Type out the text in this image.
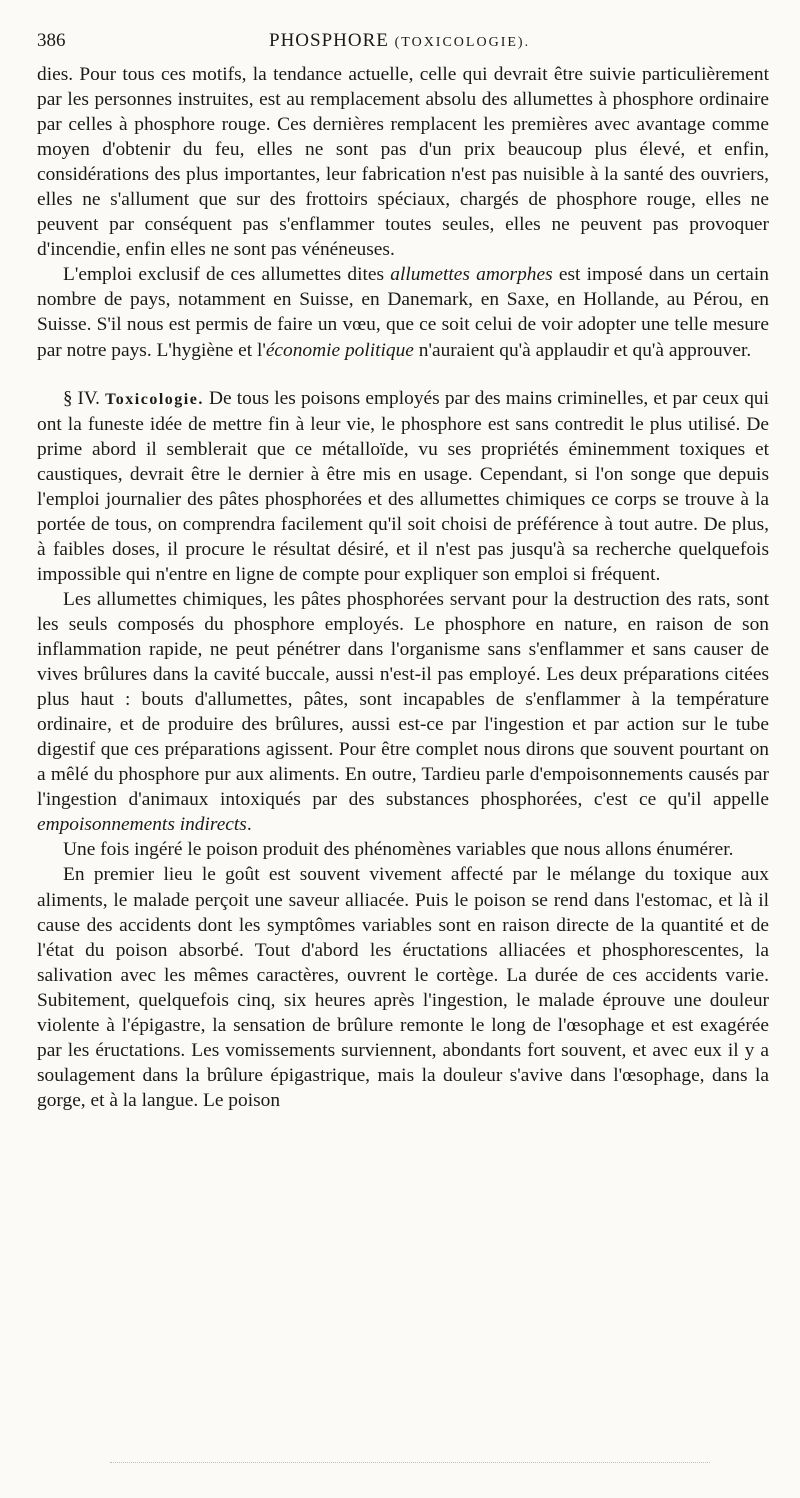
386	PHOSPHORE (TOXICOLOGIE).

dies. Pour tous ces motifs, la tendance actuelle, celle qui devrait être suivie particulièrement par les personnes instruites, est au remplacement absolu des allumettes à phosphore ordinaire par celles à phosphore rouge. Ces dernières remplacent les premières avec avantage comme moyen d'obtenir du feu, elles ne sont pas d'un prix beaucoup plus élevé, et enfin, considérations des plus importantes, leur fabrication n'est pas nuisible à la santé des ouvriers, elles ne s'allument que sur des frottoirs spéciaux, chargés de phosphore rouge, elles ne peuvent par conséquent pas s'enflammer toutes seules, elles ne peuvent pas provoquer d'incendie, enfin elles ne sont pas vénéneuses.

L'emploi exclusif de ces allumettes dites allumettes amorphes est imposé dans un certain nombre de pays, notamment en Suisse, en Danemark, en Saxe, en Hollande, au Pérou, en Suisse. S'il nous est permis de faire un vœu, que ce soit celui de voir adopter une telle mesure par notre pays. L'hygiène et l'économie politique n'auraient qu'à applaudir et qu'à approuver.

§ IV. Toxicologie. De tous les poisons employés par des mains criminelles, et par ceux qui ont la funeste idée de mettre fin à leur vie, le phosphore est sans contredit le plus utilisé. De prime abord il semblerait que ce métalloïde, vu ses propriétés éminemment toxiques et caustiques, devrait être le dernier à être mis en usage. Cependant, si l'on songe que depuis l'emploi journalier des pâtes phosphorées et des allumettes chimiques ce corps se trouve à la portée de tous, on comprendra facilement qu'il soit choisi de préférence à tout autre. De plus, à faibles doses, il procure le résultat désiré, et il n'est pas jusqu'à sa recherche quelquefois impossible qui n'entre en ligne de compte pour expliquer son emploi si fréquent.

Les allumettes chimiques, les pâtes phosphorées servant pour la destruction des rats, sont les seuls composés du phosphore employés. Le phosphore en nature, en raison de son inflammation rapide, ne peut pénétrer dans l'organisme sans s'enflammer et sans causer de vives brûlures dans la cavité buccale, aussi n'est-il pas employé. Les deux préparations citées plus haut : bouts d'allumettes, pâtes, sont incapables de s'enflammer à la température ordinaire, et de produire des brûlures, aussi est-ce par l'ingestion et par action sur le tube digestif que ces préparations agissent. Pour être complet nous dirons que souvent pourtant on a mêlé du phosphore pur aux aliments. En outre, Tardieu parle d'empoisonnements causés par l'ingestion d'animaux intoxiqués par des substances phosphorées, c'est ce qu'il appelle empoisonnements indirects.

Une fois ingéré le poison produit des phénomènes variables que nous allons énumérer.

En premier lieu le goût est souvent vivement affecté par le mélange du toxique aux aliments, le malade perçoit une saveur alliacée. Puis le poison se rend dans l'estomac, et là il cause des accidents dont les symptômes variables sont en raison directe de la quantité et de l'état du poison absorbé. Tout d'abord les éructations alliacées et phosphorescentes, la salivation avec les mêmes caractères, ouvrent le cortège. La durée de ces accidents varie. Subitement, quelquefois cinq, six heures après l'ingestion, le malade éprouve une douleur violente à l'épigastre, la sensation de brûlure remonte le long de l'œsophage et est exagérée par les éructations. Les vomissements surviennent, abondants fort souvent, et avec eux il y a soulagement dans la brûlure épigastrique, mais la douleur s'avive dans l'œsophage, dans la gorge, et à la langue. Le poison
